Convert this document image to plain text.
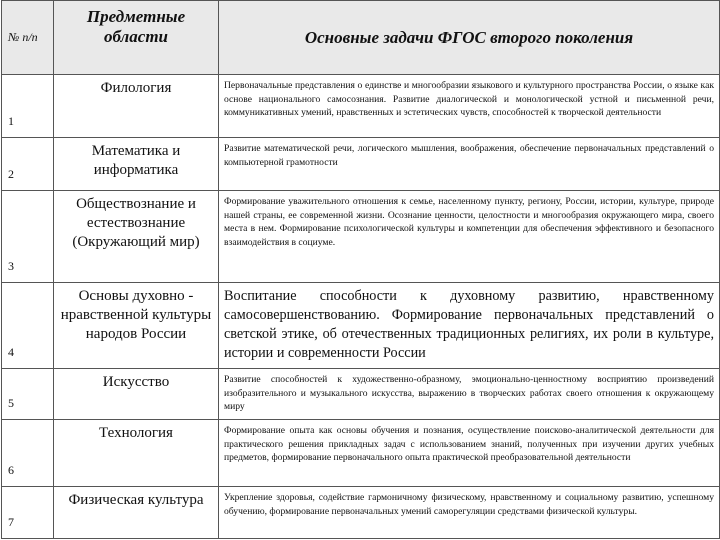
№ п/п	Предметные области	Основные задачи ФГОС второго поколения
1	Филология	Первоначальные представления о единстве и многообразии языкового и культурного пространства России, о языке как основе национального самосознания. Развитие диалогической и монологической устной и письменной речи, коммуникативных умений, нравственных и эстетических чувств, способностей к творческой деятельности
2	Математика и информатика	Развитие математической речи, логического мышления, воображения, обеспечение первоначальных представлений о компьютерной грамотности
3	Обществознание и естествознание (Окружающий мир)	Формирование уважительного отношения к семье, населенному пункту, региону, России, истории, культуре, природе нашей страны, ее современной жизни. Осознание ценности, целостности и многообразия окружающего мира, своего места в нем. Формирование психологической культуры и компетенции для обеспечения эффективного и безопасного взаимодействия в социуме.
4	Основы духовно - нравственной культуры народов России	Воспитание способности к духовному развитию, нравственному самосовершенствованию. Формирование первоначальных представлений о светской этике, об отечественных традиционных религиях, их роли в культуре, истории и современности России
5	Искусство	Развитие способностей к художественно-образному, эмоционально-ценностному восприятию произведений изобразительного и музыкального искусства, выражению в творческих работах своего отношения к окружающему миру
6	Технология	Формирование опыта как основы обучения и познания, осуществление поисково-аналитической деятельности для практического решения прикладных задач с использованием знаний, полученных при изучении других учебных предметов, формирование первоначального опыта практической преобразовательной деятельности
7	Физическая культура	Укрепление здоровья, содействие гармоничному физическому, нравственному и социальному развитию, успешному обучению, формирование первоначальных умений саморегуляции средствами физической культуры.
